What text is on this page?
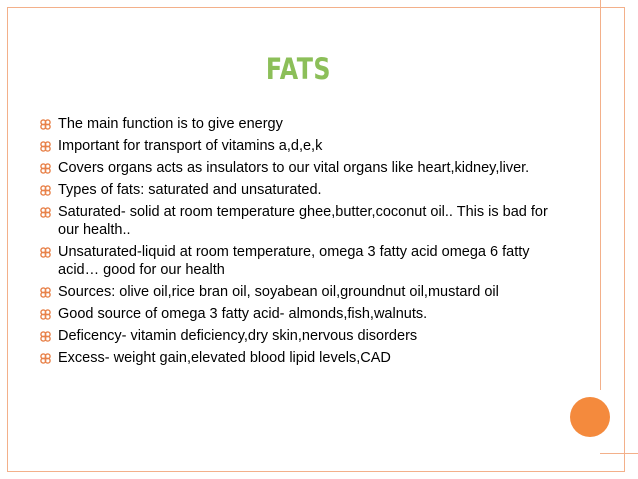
FATS
The main function is to give energy
Important for transport of vitamins a,d,e,k
Covers organs acts as insulators to our vital organs like heart,kidney,liver.
Types of fats: saturated and unsaturated.
Saturated- solid at room temperature ghee,butter,coconut oil.. This is bad for our health..
Unsaturated-liquid at room temperature, omega 3 fatty acid omega 6 fatty acid… good for our health
Sources: olive oil,rice bran oil, soyabean oil,groundnut oil,mustard oil
Good source of omega 3 fatty acid- almonds,fish,walnuts.
Deficency- vitamin deficiency,dry skin,nervous disorders
Excess- weight gain,elevated blood lipid levels,CAD
